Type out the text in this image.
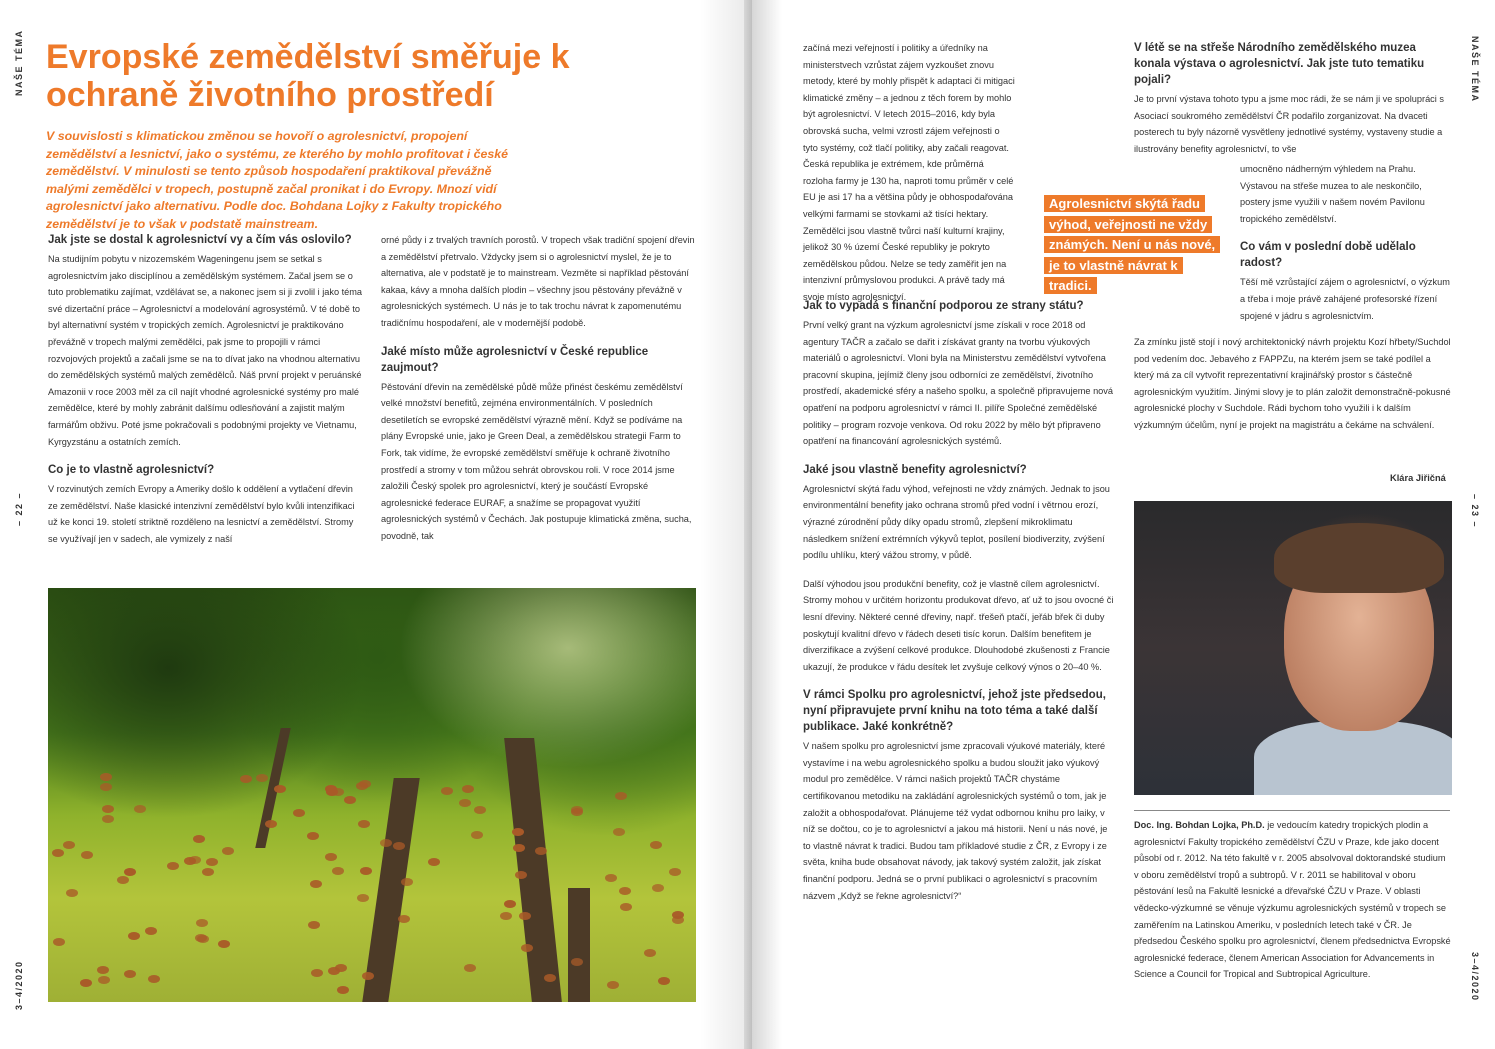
NAŠE TÉMA
– 22 –
3–4/2020
Evropské zemědělství směřuje k ochraně životního prostředí

V souvislosti s klimatickou změnou se hovoří o agrolesnictví, propojení zemědělství a lesnictví, jako o systému, ze kterého by mohlo profitovat i české zemědělství. V minulosti se tento způsob hospodaření praktikoval převážně malými zemědělci v tropech, postupně začal pronikat i do Evropy. Mnozí vidí agrolesnictví jako alternativu. Podle doc. Bohdana Lojky z Fakulty tropického zemědělství je to však v podstatě mainstream.

Jak jste se dostal k agrolesnictví vy a čím vás oslovilo?

Na studijním pobytu v nizozemském Wageningenu jsem se setkal s agrolesnictvím jako disciplínou a zemědělským systémem. Začal jsem se o tuto problematiku zajímat, vzdělávat se, a nakonec jsem si ji zvolil i jako téma své dizertační práce – Agrolesnictví a modelování agrosystémů. V té době to byl alternativní systém v tropických zemích. Agrolesnictví je praktikováno převážně v tropech malými zemědělci, pak jsme to propojili v rámci rozvojových projektů a začali jsme se na to dívat jako na vhodnou alternativu do zemědělských systémů malých zemědělců. Náš první projekt v peruánské Amazonii v roce 2003 měl za cíl najít vhodné agrolesnické systémy pro malé zemědělce, které by mohly zabránit dalšímu odlesňování a zajistit malým farmářům obživu. Poté jsme pokračovali s podobnými projekty ve Vietnamu, Kyrgyzstánu a ostatních zemích.

Co je to vlastně agrolesnictví?

V rozvinutých zemích Evropy a Ameriky došlo k oddělení a vytlačení dřevin ze zemědělství. Naše klasické intenzivní zemědělství bylo kvůli intenzifikaci už ke konci 19. století striktně rozděleno na lesnictví a zemědělství. Stromy se využívají jen v sadech, ale vymizely z naší

orné půdy i z trvalých travních porostů. V tropech však tradiční spojení dřevin a zemědělství přetrvalo. Vždycky jsem si o agrolesnictví myslel, že je to alternativa, ale v podstatě je to mainstream. Vezměte si například pěstování kakaa, kávy a mnoha dalších plodin – všechny jsou pěstovány převážně v agrolesnických systémech. U nás je to tak trochu návrat k zapomenutému tradičnímu hospodaření, ale v modernější podobě.

Jaké místo může agrolesnictví v České republice zaujmout?

Pěstování dřevin na zemědělské půdě může přinést českému zemědělství velké množství benefitů, zejména environmentálních. V posledních desetiletích se evropské zemědělství výrazně mění. Když se podíváme na plány Evropské unie, jako je Green Deal, a zemědělskou strategii Farm to Fork, tak vidíme, že evropské zemědělství směřuje k ochraně životního prostředí a stromy v tom můžou sehrát obrovskou roli. V roce 2014 jsme založili Český spolek pro agrolesnictví, který je součástí Evropské agrolesnické federace EURAF, a snažíme se propagovat využití agrolesnických systémů v Čechách. Jak postupuje klimatická změna, sucha, povodně, tak

NAŠE TÉMA
– 23 –
3–4/2020

začíná mezi veřejností i politiky a úředníky na ministerstvech vzrůstat zájem vyzkoušet znovu metody, které by mohly přispět k adaptaci či mitigaci klimatické změny – a jednou z těch forem by mohlo být agrolesnictví. V letech 2015–2016, kdy byla obrovská sucha, velmi vzrostl zájem veřejnosti o tyto systémy, což tlačí politiky, aby začali reagovat. Česká republika je extrémem, kde průměrná rozloha farmy je 130 ha, naproti tomu průměr v celé EU je asi 17 ha a většina půdy je obhospodařována velkými farmami se stovkami až tisíci hektary. Zemědělci jsou vlastně tvůrci naší kulturní krajiny, jelikož 30 % území České republiky je pokryto zemědělskou půdou. Nelze se tedy zaměřit jen na intenzivní průmyslovou produkci. A právě tady má svoje místo agrolesnictví.

Jak to vypadá s finanční podporou ze strany státu?

První velký grant na výzkum agrolesnictví jsme získali v roce 2018 od agentury TAČR a začalo se dařit i získávat granty na tvorbu výukových materiálů o agrolesnictví. Vloni byla na Ministerstvu zemědělství vytvořena pracovní skupina, jejímiž členy jsou odborníci ze zemědělství, životního prostředí, akademické sféry a našeho spolku, a společně připravujeme nová opatření na podporu agrolesnictví v rámci II. pilíře Společné zemědělské politiky – program rozvoje venkova. Od roku 2022 by mělo být připraveno opatření na financování agrolesnických systémů.

Jaké jsou vlastně benefity agrolesnictví?

Agrolesnictví skýtá řadu výhod, veřejnosti ne vždy známých. Jednak to jsou environmentální benefity jako ochrana stromů před vodní i větrnou erozí, výrazné zúrodnění půdy díky opadu stromů, zlepšení mikroklimatu následkem snížení extrémních výkyvů teplot, posílení biodiverzity, zvýšení podílu uhlíku, který vážou stromy, v půdě.

Další výhodou jsou produkční benefity, což je vlastně cílem agrolesnictví. Stromy mohou v určitém horizontu produkovat dřevo, ať už to jsou ovocné či lesní dřeviny. Některé cenné dřeviny, např. třešeň ptačí, jeřáb břek či duby poskytují kvalitní dřevo v řádech deseti tisíc korun. Dalším benefitem je diverzifikace a zvýšení celkové produkce. Dlouhodobé zkušenosti z Francie ukazují, že produkce v řádu desítek let zvyšuje celkový výnos o 20–40 %.

V rámci Spolku pro agrolesnictví, jehož jste předsedou, nyní připravujete první knihu na toto téma a také další publikace. Jaké konkrétně?

V našem spolku pro agrolesnictví jsme zpracovali výukové materiály, které vystavíme i na webu agrolesnického spolku a budou sloužit jako výukový modul pro zemědělce. V rámci našich projektů TAČR chystáme certifikovanou metodiku na zakládání agrolesnických systémů o tom, jak je založit a obhospodařovat. Plánujeme též vydat odbornou knihu pro laiky, v níž se dočtou, co je to agrolesnictví a jakou má historii. Není u nás nové, je to vlastně návrat k tradici. Budou tam příkladové studie z ČR, z Evropy i ze světa, kniha bude obsahovat návody, jak takový systém založit, jak získat finanční podporu. Jedná se o první publikaci o agrolesnictví s pracovním názvem „Když se řekne agrolesnictví?“

Agrolesnictví skýtá řadu výhod, veřejnosti ne vždy známých. Není u nás nové, je to vlastně návrat k tradici.

V létě se na střeše Národního zemědělského muzea konala výstava o agrolesnictví. Jak jste tuto tematiku pojali?

Je to první výstava tohoto typu a jsme moc rádi, že se nám ji ve spolupráci s Asociací soukromého zemědělství ČR podařilo zorganizovat. Na dvaceti posterech tu byly názorně vysvětleny jednotlivé systémy, vystaveny studie a ilustrovány benefity agrolesnictví, to vše

umocněno nádherným výhledem na Prahu. Výstavou na střeše muzea to ale neskončilo, postery jsme využili v našem novém Pavilonu tropického zemědělství.

Co vám v poslední době udělalo radost?

Těší mě vzrůstající zájem o agrolesnictví, o výzkum a třeba i moje právě zahájené profesorské řízení spojené v jádru s agrolesnictvím.

Za zmínku jistě stojí i nový architektonický návrh projektu Kozí hřbety/Suchdol pod vedením doc. Jebavého z FAPPZu, na kterém jsem se také podílel a který má za cíl vytvořit reprezentativní krajinářský prostor s částečně agrolesnickým využitím. Jinými slovy je to plán založit demonstračně-pokusné agrolesnické plochy v Suchdole. Rádi bychom toho využili i k dalším výzkumným účelům, nyní je projekt na magistrátu a čekáme na schválení.

Klára Jiřičná

Doc. Ing. Bohdan Lojka, Ph.D. je vedoucím katedry tropických plodin a agrolesnictví Fakulty tropického zemědělství ČZU v Praze, kde jako docent působí od r. 2012. Na této fakultě v r. 2005 absolvoval doktorandské studium v oboru zemědělství tropů a subtropů. V r. 2011 se habilitoval v oboru pěstování lesů na Fakultě lesnické a dřevařské ČZU v Praze. V oblasti vědecko-výzkumné se věnuje výzkumu agrolesnických systémů v tropech se zaměřením na Latinskou Ameriku, v posledních letech také v ČR. Je předsedou Českého spolku pro agrolesnictví, členem předsednictva Evropské agrolesnické federace, členem American Association for Advancements in Science a Council for Tropical and Subtropical Agriculture.
